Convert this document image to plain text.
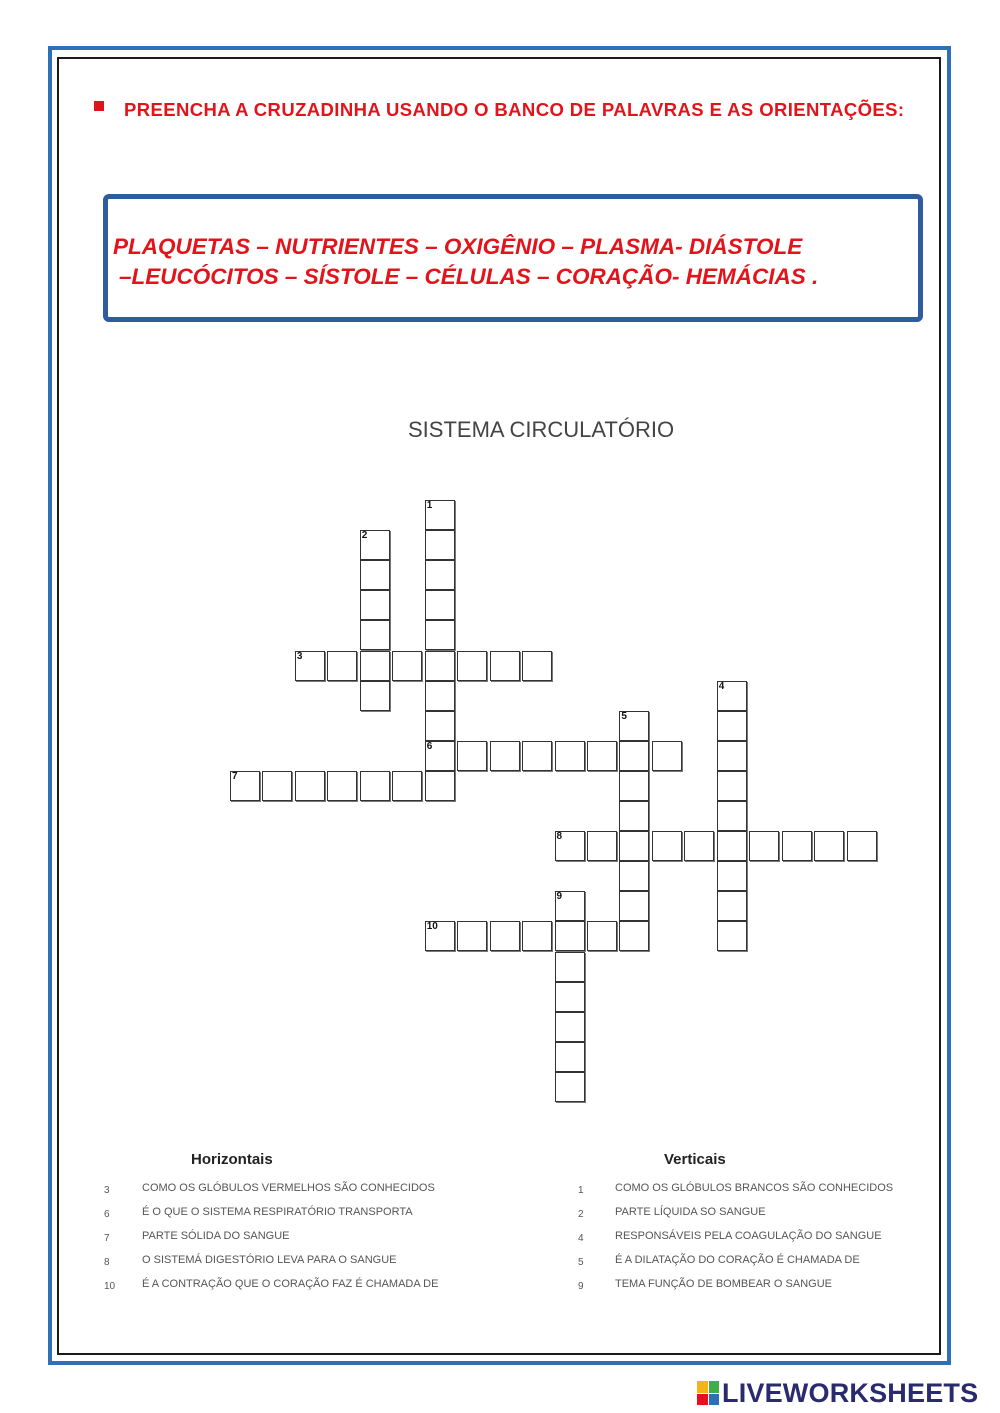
PREENCHA A CRUZADINHA USANDO O BANCO DE PALAVRAS E AS ORIENTAÇÕES:

PLAQUETAS – NUTRIENTES – OXIGÊNIO – PLASMA- DIÁSTOLE
–LEUCÓCITOS – SÍSTOLE – CÉLULAS – CORAÇÃO- HEMÁCIAS .
SISTEMA CIRCULATÓRIO
1
6
2
3
4
5
7
8
9
10
Horizontais	Verticais
3	COMO OS GLÓBULOS VERMELHOS SÃO CONHECIDOS
6	É O QUE O SISTEMA RESPIRATÓRIO TRANSPORTA
7	PARTE SÓLIDA DO SANGUE
8	O SISTEMÁ DIGESTÓRIO LEVA PARA O SANGUE
10	É A CONTRAÇÃO QUE O CORAÇÃO FAZ É CHAMADA DE
1	COMO OS GLÓBULOS BRANCOS SÃO CONHECIDOS
2	PARTE LÍQUIDA SO SANGUE
4	RESPONSÁVEIS PELA COAGULAÇÃO DO SANGUE
5	É A DILATAÇÃO DO CORAÇÃO É CHAMADA DE
9	TEMA FUNÇÃO DE BOMBEAR O SANGUE
LIVEWORKSHEETS
